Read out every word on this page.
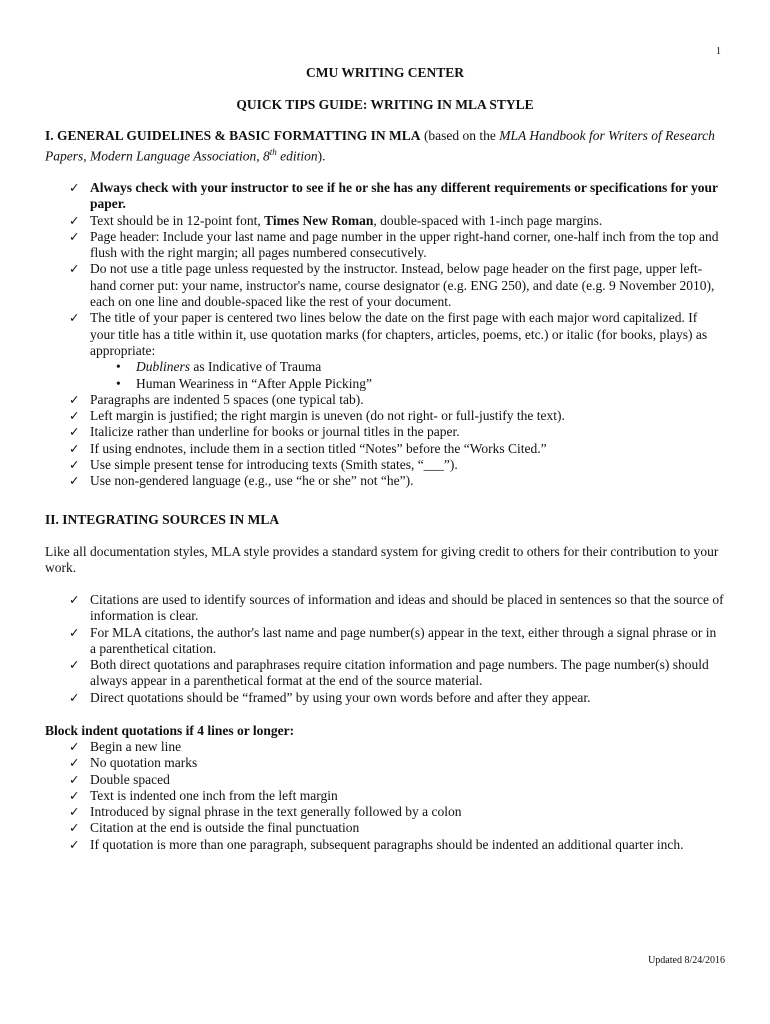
1
CMU WRITING CENTER
QUICK TIPS GUIDE: WRITING IN MLA STYLE
I. GENERAL GUIDELINES & BASIC FORMATTING IN MLA (based on the MLA Handbook for Writers of Research Papers, Modern Language Association, 8th edition).
✓ Always check with your instructor to see if he or she has any different requirements or specifications for your paper.
✓ Text should be in 12-point font, Times New Roman, double-spaced with 1-inch page margins.
✓ Page header: Include your last name and page number in the upper right-hand corner, one-half inch from the top and flush with the right margin; all pages numbered consecutively.
✓ Do not use a title page unless requested by the instructor. Instead, below page header on the first page, upper left-hand corner put: your name, instructor's name, course designator (e.g. ENG 250), and date (e.g. 9 November 2010), each on one line and double-spaced like the rest of your document.
✓ The title of your paper is centered two lines below the date on the first page with each major word capitalized. If your title has a title within it, use quotation marks (for chapters, articles, poems, etc.) or italic (for books, plays) as appropriate:
• Dubliners as Indicative of Trauma
• Human Weariness in “After Apple Picking”
✓ Paragraphs are indented 5 spaces (one typical tab).
✓ Left margin is justified; the right margin is uneven (do not right- or full-justify the text).
✓ Italicize rather than underline for books or journal titles in the paper.
✓ If using endnotes, include them in a section titled “Notes” before the “Works Cited.”
✓ Use simple present tense for introducing texts (Smith states, “___”).
✓ Use non-gendered language (e.g., use “he or she” not “he”).
II. INTEGRATING SOURCES IN MLA
Like all documentation styles, MLA style provides a standard system for giving credit to others for their contribution to your work.
✓ Citations are used to identify sources of information and ideas and should be placed in sentences so that the source of information is clear.
✓ For MLA citations, the author's last name and page number(s) appear in the text, either through a signal phrase or in a parenthetical citation.
✓ Both direct quotations and paraphrases require citation information and page numbers. The page number(s) should always appear in a parenthetical format at the end of the source material.
✓ Direct quotations should be “framed” by using your own words before and after they appear.
Block indent quotations if 4 lines or longer:
✓ Begin a new line
✓ No quotation marks
✓ Double spaced
✓ Text is indented one inch from the left margin
✓ Introduced by signal phrase in the text generally followed by a colon
✓ Citation at the end is outside the final punctuation
✓ If quotation is more than one paragraph, subsequent paragraphs should be indented an additional quarter inch.
Updated 8/24/2016
